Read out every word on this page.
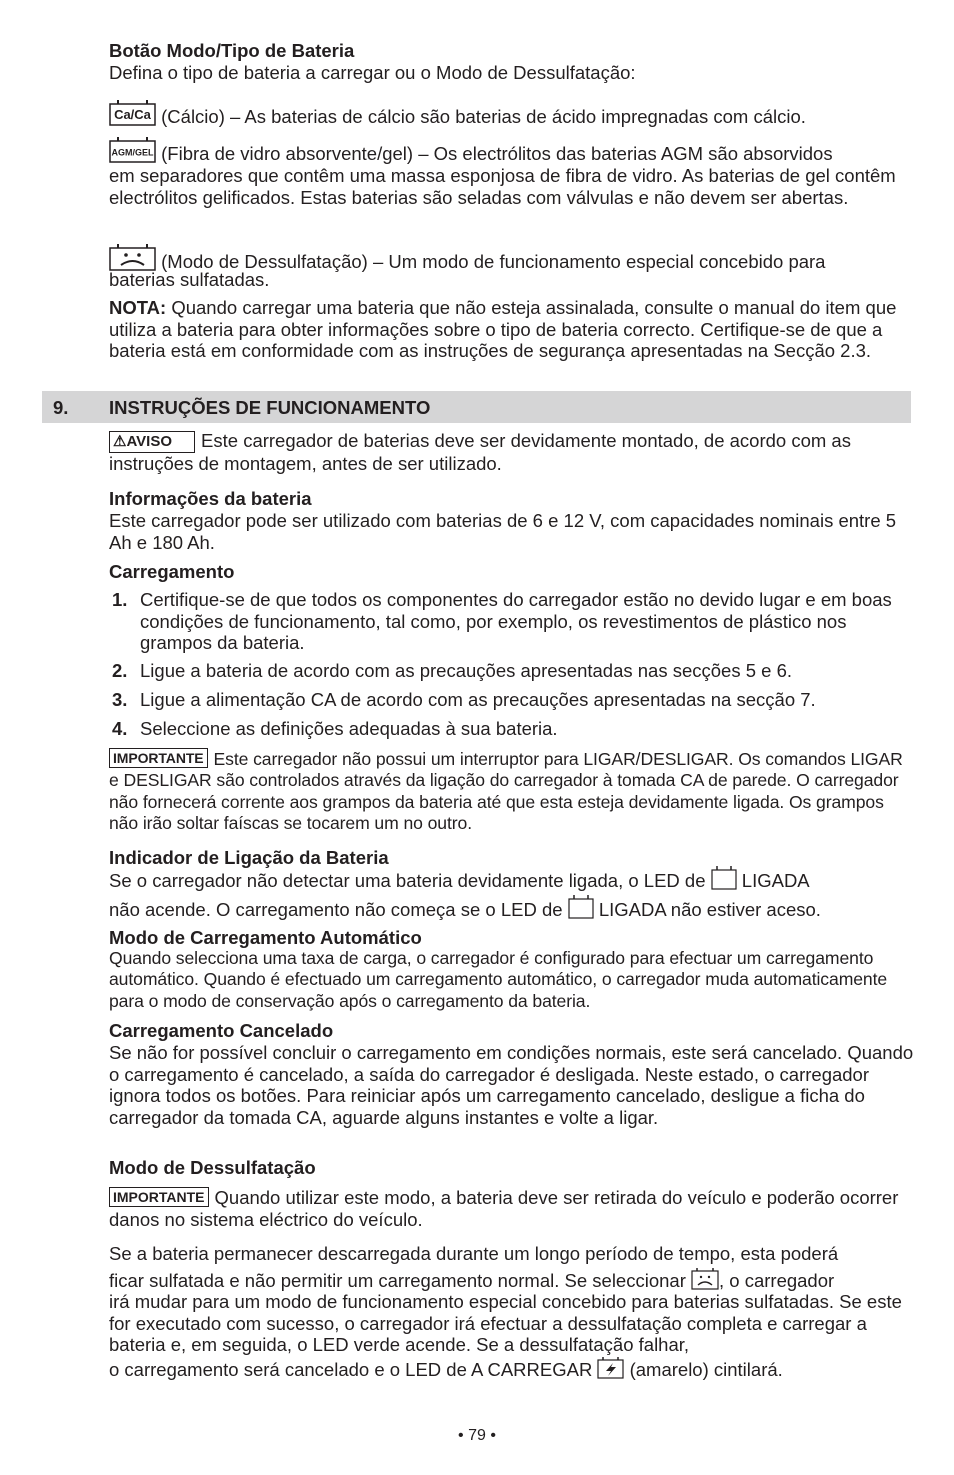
Botão Modo/Tipo de Bateria
Defina o tipo de bateria a carregar ou o Modo de Dessulfatação:
Ca/Ca (Cálcio) – As baterias de cálcio são baterias de ácido impregnadas com cálcio.
AGM/GEL (Fibra de vidro absorvente/gel) – Os electrólitos das baterias AGM são absorvidos
em separadores que contêm uma massa esponjosa de fibra de vidro. As baterias de gel contêm electrólitos gelificados. Estas baterias são seladas com válvulas e não devem ser abertas.
(Modo de Dessulfatação) – Um modo de funcionamento especial concebido para
baterias sulfatadas.
NOTA: Quando carregar uma bateria que não esteja assinalada, consulte o manual do item que utiliza a bateria para obter informações sobre o tipo de bateria correcto. Certifique-se de que a bateria está em conformidade com as instruções de segurança apresentadas na Secção 2.3.
9. INSTRUÇÕES DE FUNCIONAMENTO
⚠AVISO Este carregador de baterias deve ser devidamente montado, de acordo com as instruções de montagem, antes de ser utilizado.
Informações da bateria
Este carregador pode ser utilizado com baterias de 6 e 12 V, com capacidades nominais entre 5 Ah e 180 Ah.
Carregamento
1. Certifique-se de que todos os componentes do carregador estão no devido lugar e em boas condições de funcionamento, tal como, por exemplo, os revestimentos de plástico nos grampos da bateria.
2. Ligue a bateria de acordo com as precauções apresentadas nas secções 5 e 6.
3. Ligue a alimentação CA de acordo com as precauções apresentadas na secção 7.
4. Seleccione as definições adequadas à sua bateria.
IMPORTANTE Este carregador não possui um interruptor para LIGAR/DESLIGAR. Os comandos LIGAR e DESLIGAR são controlados através da ligação do carregador à tomada CA de parede. O carregador não fornecerá corrente aos grampos da bateria até que esta esteja devidamente ligada. Os grampos não irão soltar faíscas se tocarem um no outro.
Indicador de Ligação da Bateria
Se o carregador não detectar uma bateria devidamente ligada, o LED de LIGADA
não acende. O carregamento não começa se o LED de LIGADA não estiver aceso.
Modo de Carregamento Automático
Quando selecciona uma taxa de carga, o carregador é configurado para efectuar um carregamento automático. Quando é efectuado um carregamento automático, o carregador muda automaticamente para o modo de conservação após o carregamento da bateria.
Carregamento Cancelado
Se não for possível concluir o carregamento em condições normais, este será cancelado. Quando o carregamento é cancelado, a saída do carregador é desligada. Neste estado, o carregador ignora todos os botões. Para reiniciar após um carregamento cancelado, desligue a ficha do carregador da tomada CA, aguarde alguns instantes e volte a ligar.
Modo de Dessulfatação
IMPORTANTE Quando utilizar este modo, a bateria deve ser retirada do veículo e poderão ocorrer danos no sistema eléctrico do veículo.
Se a bateria permanecer descarregada durante um longo período de tempo, esta poderá
ficar sulfatada e não permitir um carregamento normal. Se seleccionar , o carregador
irá mudar para um modo de funcionamento especial concebido para baterias sulfatadas. Se este for executado com sucesso, o carregador irá efectuar a dessulfatação completa e carregar a bateria e, em seguida, o LED verde acende. Se a dessulfatação falhar,
o carregamento será cancelado e o LED de A CARREGAR (amarelo) cintilará.
• 79 •
